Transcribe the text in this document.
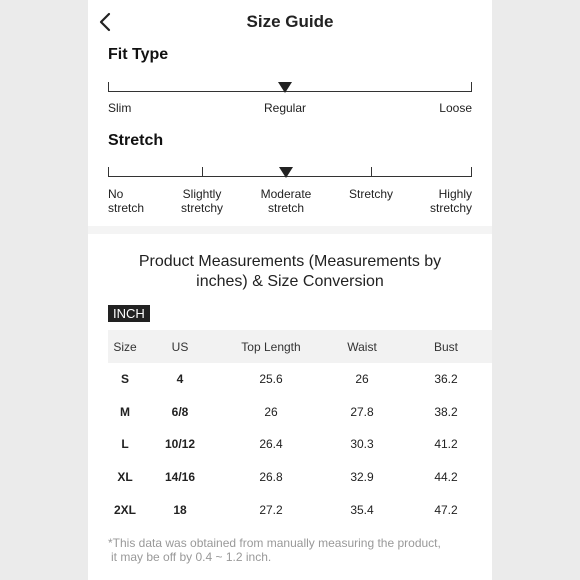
Size Guide
Fit Type
Slim	Regular	Loose
Stretch
No
stretch
Slightly
stretchy
Moderate
stretch
Stretchy	Highly
stretchy
Product Measurements (Measurements by
inches) & Size Conversion
INCH
Size	US	Top Length	Waist	Bust
S	4	25.6	26	36.2
M	6/8	26	27.8	38.2
L	10/12	26.4	30.3	41.2
XL	14/16	26.8	32.9	44.2
2XL	18	27.2	35.4	47.2
*This data was obtained from manually measuring the product,
it may be off by 0.4 ~ 1.2 inch.
